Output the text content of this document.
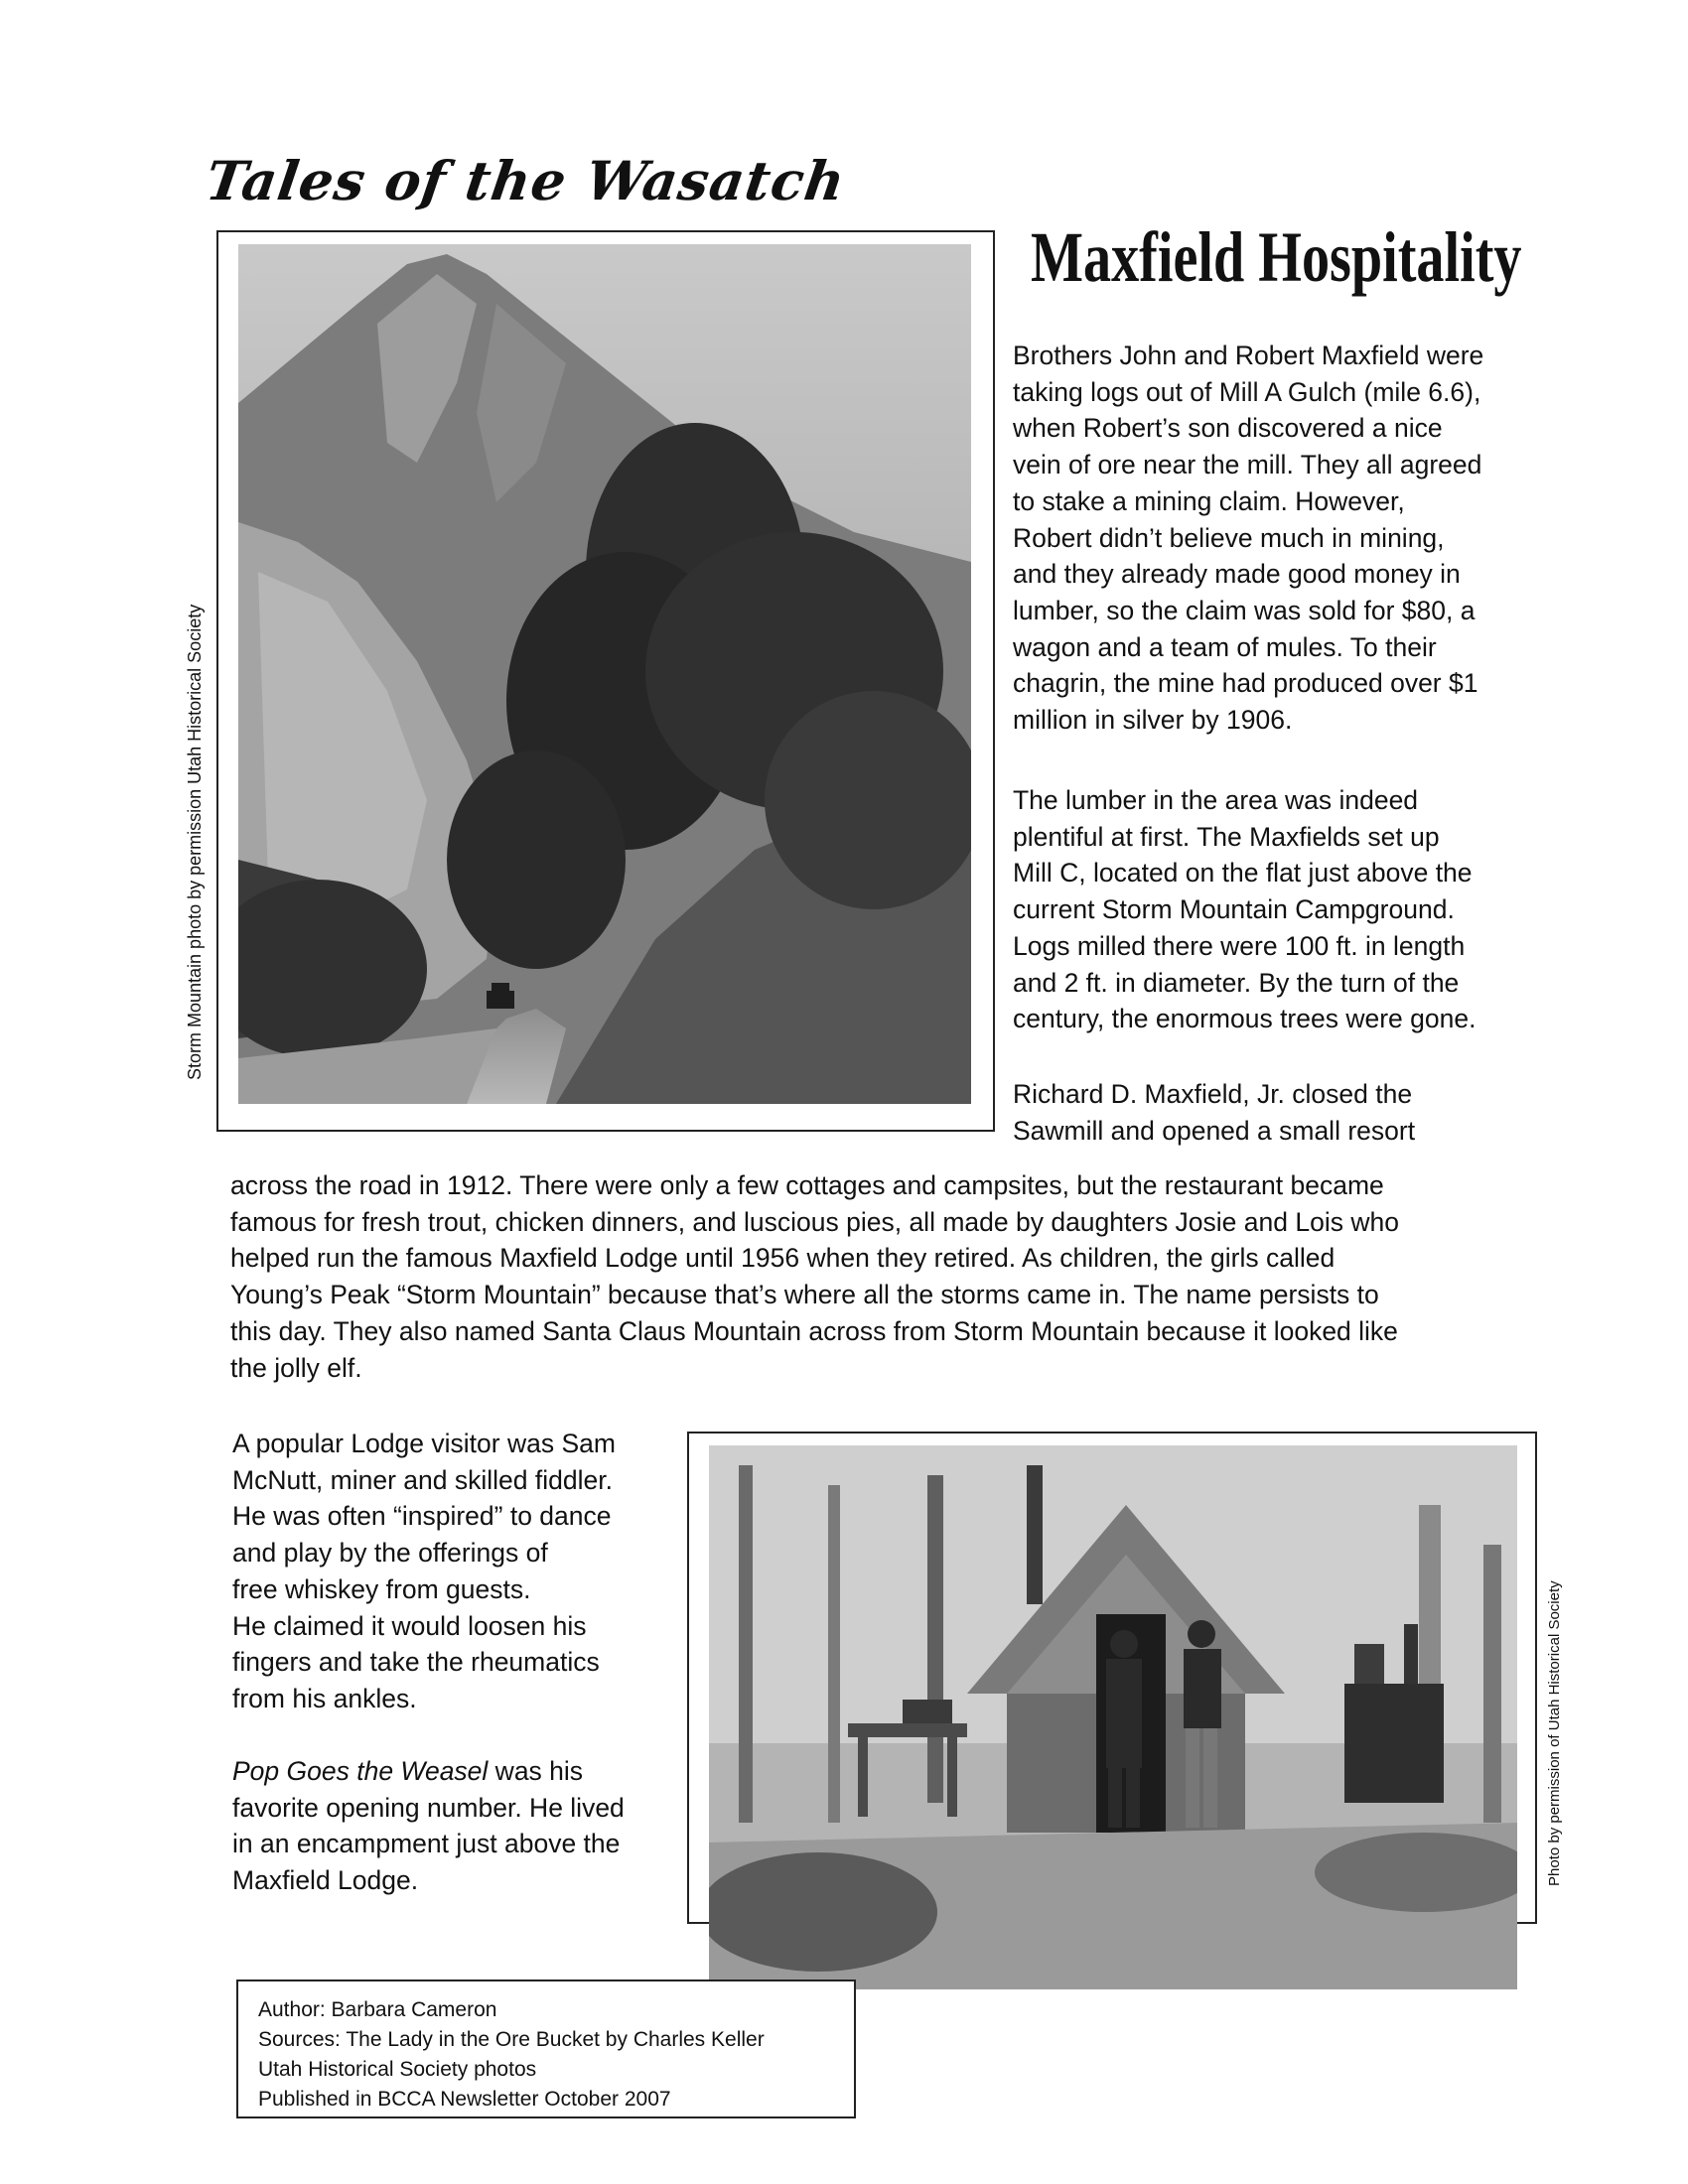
Tales of the Wasatch
Maxfield Hospitality
Storm Mountain photo by permission Utah Historical Society
Brothers John and Robert Maxfield were
taking logs out of Mill A Gulch (mile 6.6),
when Robert’s son discovered a nice
vein of ore near the mill. They all agreed
to stake a mining claim. However,
Robert didn’t believe much in mining,
and they already made good money in
lumber, so the claim was sold for $80, a
wagon and a team of mules. To their
chagrin, the mine had produced over $1
million in silver by 1906.
The lumber in the area was indeed
plentiful at first. The Maxfields set up
Mill C, located on the flat just above the
current Storm Mountain Campground.
Logs milled there were 100 ft. in length
and 2 ft. in diameter. By the turn of the
century, the enormous trees were gone.
Richard D. Maxfield, Jr. closed the
Sawmill and opened a small resort
across the road in 1912. There were only a few cottages and campsites, but the restaurant became
famous for fresh trout, chicken dinners, and luscious pies, all made by daughters Josie and Lois who
helped run the famous Maxfield Lodge until 1956 when they retired. As children, the girls called
Young’s Peak “Storm Mountain” because that’s where all the storms came in. The name persists to
this day. They also named Santa Claus Mountain across from Storm Mountain because it looked like
the jolly elf.
A popular Lodge visitor was Sam
McNutt, miner and skilled fiddler.
He was often “inspired” to dance
and play by the offerings of
free whiskey from guests.
He claimed it would loosen his
fingers and take the rheumatics
from his ankles.
Pop Goes the Weasel was his
favorite opening number. He lived
in an encampment just above the
Maxfield Lodge.	Photo by permission of Utah Historical Society
Author: Barbara Cameron
Sources: The Lady in the Ore Bucket by Charles Keller
Utah Historical Society photos
Published in BCCA Newsletter October 2007
